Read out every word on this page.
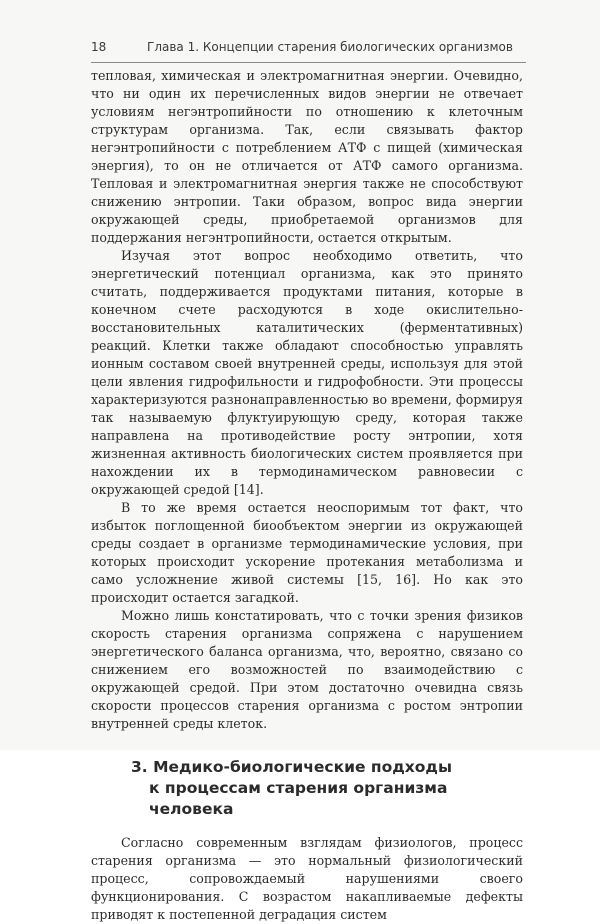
18	Глава 1. Концепции старения биологических организмов

тепловая, химическая и электромагнитная энергии. Очевидно, что ни один их перечисленных видов энергии не отвечает условиям негэнтропийности по отношению к клеточным структурам организма. Так, если связывать фактор негэнтропийности с потреблением АТФ с пищей (химическая энергия), то он не отличается от АТФ самого организма. Тепловая и электромагнитная энергия также не способствуют снижению энтропии. Таки образом, вопрос вида энергии окружающей среды, приобретаемой организмов для поддержания негэнтропийности, остается открытым.

Изучая этот вопрос необходимо ответить, что энергетический потенциал организма, как это принято считать, поддерживается продуктами питания, которые в конечном счете расходуются в ходе окислительно-восстановительных каталитических (ферментативных) реакций. Клетки также обладают способностью управлять ионным составом своей внутренней среды, используя для этой цели явления гидрофильности и гидрофобности. Эти процессы характеризуются разнонаправленностью во времени, формируя так называемую флуктуирующую среду, которая также направлена на противодействие росту энтропии, хотя жизненная активность биологических систем проявляется при нахождении их в термодинамическом равновесии с окружающей средой [14].

В то же время остается неоспоримым тот факт, что избыток поглощенной биообъектом энергии из окружающей среды создает в организме термодинамические условия, при которых происходит ускорение протекания метаболизма и само усложнение живой системы [15, 16]. Но как это происходит остается загадкой.

Можно лишь констатировать, что с точки зрения физиков скорость старения организма сопряжена с нарушением энергетического баланса организма, что, вероятно, связано со снижением его возможностей по взаимодействию с окружающей средой. При этом достаточно очевидна связь скорости процессов старения организма с ростом энтропии внутренней среды клеток.

3. Медико-биологические подходы
к процессам старения организма человека

Согласно современным взглядам физиологов, процесс старения организма — это нормальный физиологический процесс, сопровождаемый нарушениями своего функционирования. С возрастом накапливаемые дефекты приводят к постепенной деградация систем
